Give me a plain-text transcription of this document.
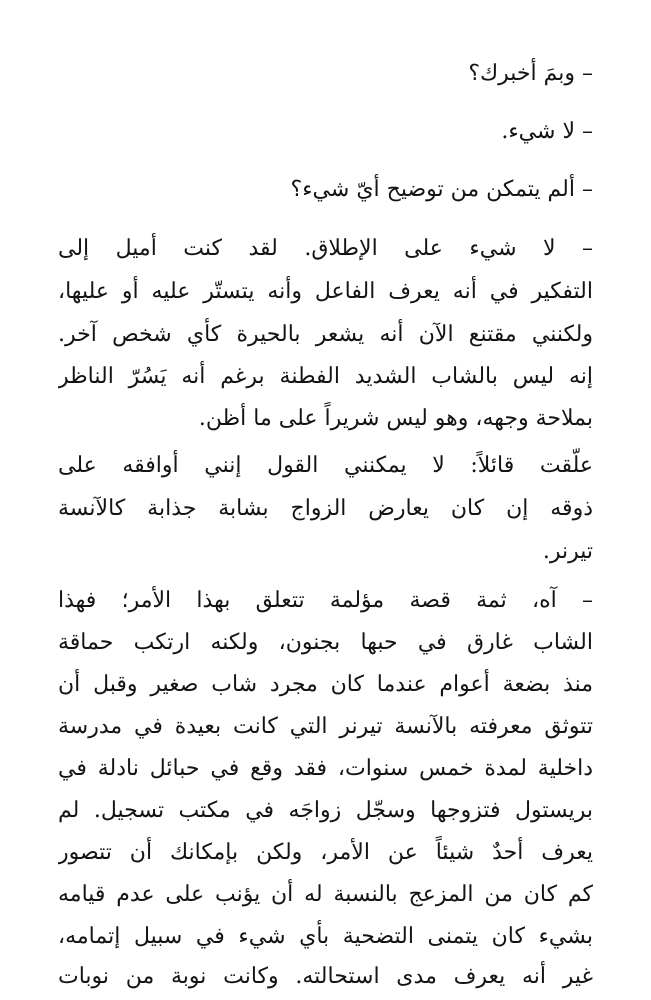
– وبمَ أخبرك؟
– لا شيء.
– ألم يتمكن من توضيح أيّ شيء؟
– لا شيء على الإطلاق. لقد كنت أميل إلى
التفكير في أنه يعرف الفاعل وأنه يتستّر عليه أو عليها،
ولكنني مقتنع الآن أنه يشعر بالحيرة كأي شخص آخر.
إنه ليس بالشاب الشديد الفطنة برغم أنه يَسُرّ الناظر
بملاحة وجهه، وهو ليس شريراً على ما أظن.
علّقت قائلاً: لا يمكنني القول إنني أوافقه على
ذوقه إن كان يعارض الزواج بشابة جذابة كالآنسة
تيرنر.
– آه، ثمة قصة مؤلمة تتعلق بهذا الأمر؛ فهذا
الشاب غارق في حبها بجنون، ولكنه ارتكب حماقة
منذ بضعة أعوام عندما كان مجرد شاب صغير وقبل أن
تتوثق معرفته بالآنسة تيرنر التي كانت بعيدة في مدرسة
داخلية لمدة خمس سنوات، فقد وقع في حبائل نادلة في
بريستول فتزوجها وسجّل زواجَه في مكتب تسجيل. لم
يعرف أحدٌ شيئاً عن الأمر، ولكن بإمكانك أن تتصور
كم كان من المزعج بالنسبة له أن يؤنب على عدم قيامه
بشيء كان يتمنى التضحية بأي شيء في سبيل إتمامه،
غير أنه يعرف مدى استحالته. وكانت نوبة من نوبات
